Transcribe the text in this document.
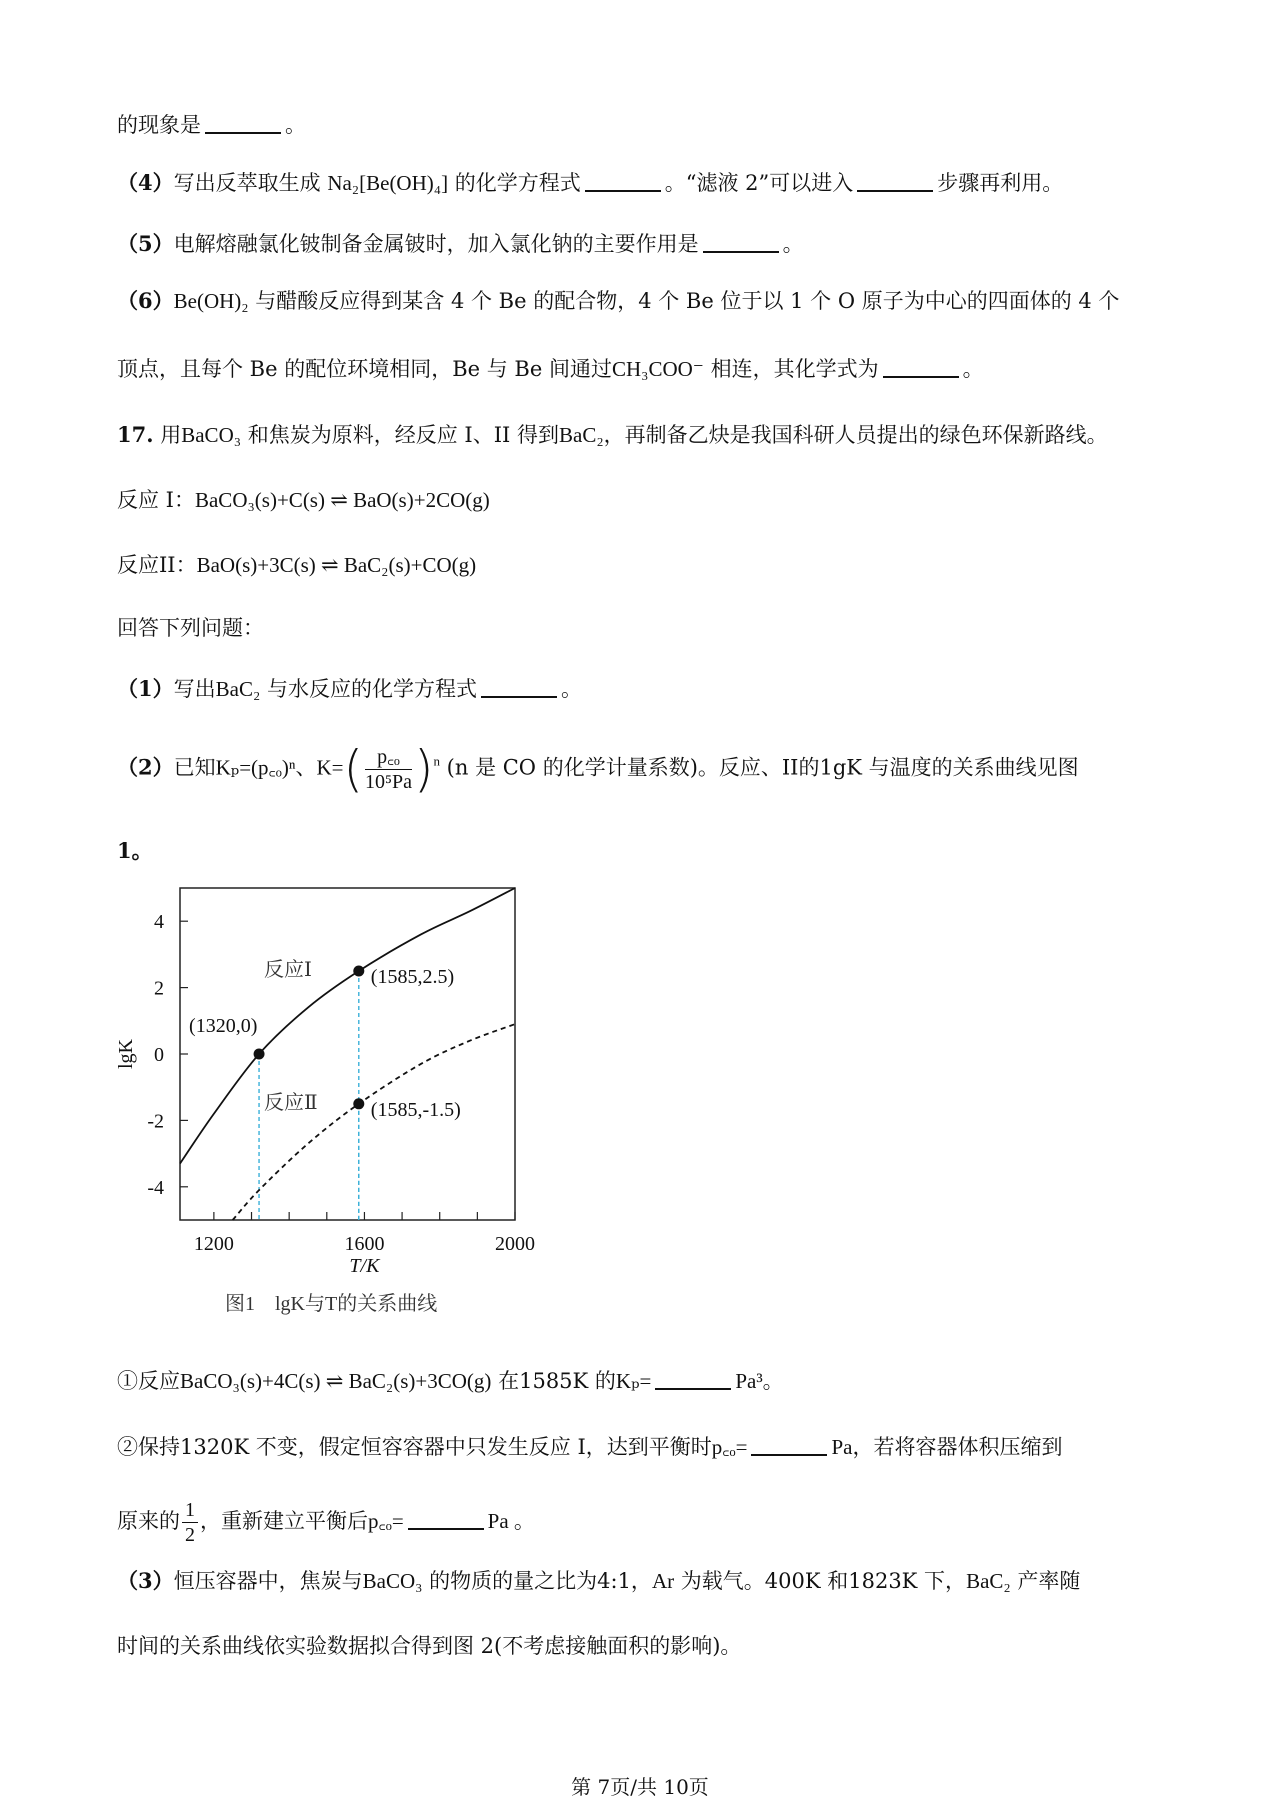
的现象是	。
（4）写出反萃取生成 Na₂[Be(OH)₄] 的化学方程式	。“滤液 2”可以进入	步骤再利用。
（5）电解熔融氯化铍制备金属铍时，加入氯化钠的主要作用是	。
（6）Be(OH)₂ 与醋酸反应得到某含 4 个 Be 的配合物，4 个 Be 位于以 1 个 O 原子为中心的四面体的 4 个
顶点，且每个 Be 的配位环境相同，Be 与 Be 间通过CH₃COO⁻ 相连，其化学式为	。
17. 用BaCO₃ 和焦炭为原料，经反应 I、II 得到BaC₂，再制备乙炔是我国科研人员提出的绿色环保新路线。
反应 I：BaCO₃(s)+C(s) ⇌ BaO(s)+2CO(g)
反应II：BaO(s)+3C(s) ⇌ BaC₂(s)+CO(g)
回答下列问题：
（1）写出BaC₂ 与水反应的化学方程式	。
（2）已知Kₚ=(p꜀ₒ)ⁿ、$K=( \frac{\text{p꜀ₒ}}{\text{10⁵Pa}} )^n$ (n 是 CO 的化学计量系数)。反应、II的1gK 与温度的关系曲线见图
1。
1200	1600	2000
4
2
0
-2
-4
T/K
lgK
反应Ⅰ
反应Ⅱ
(1320,0)
(1585,2.5)
(1585,-1.5)
图1　lgK与T的关系曲线
①反应BaCO₃(s)+4C(s) ⇌ BaC₂(s)+3CO(g) 在1585K 的Kₚ=	Pa³。
②保持1320K 不变，假定恒容容器中只发生反应 I，达到平衡时p꜀ₒ=	Pa，若将容器体积压缩到
原来的 $\frac{1}{2}$ ，重新建立平衡后p꜀ₒ=	Pa 。
（3）恒压容器中，焦炭与BaCO₃ 的物质的量之比为4:1，Ar 为载气。400K 和1823K 下，BaC₂ 产率随
时间的关系曲线依实验数据拟合得到图 2(不考虑接触面积的影响)。
第 7页/共 10页
